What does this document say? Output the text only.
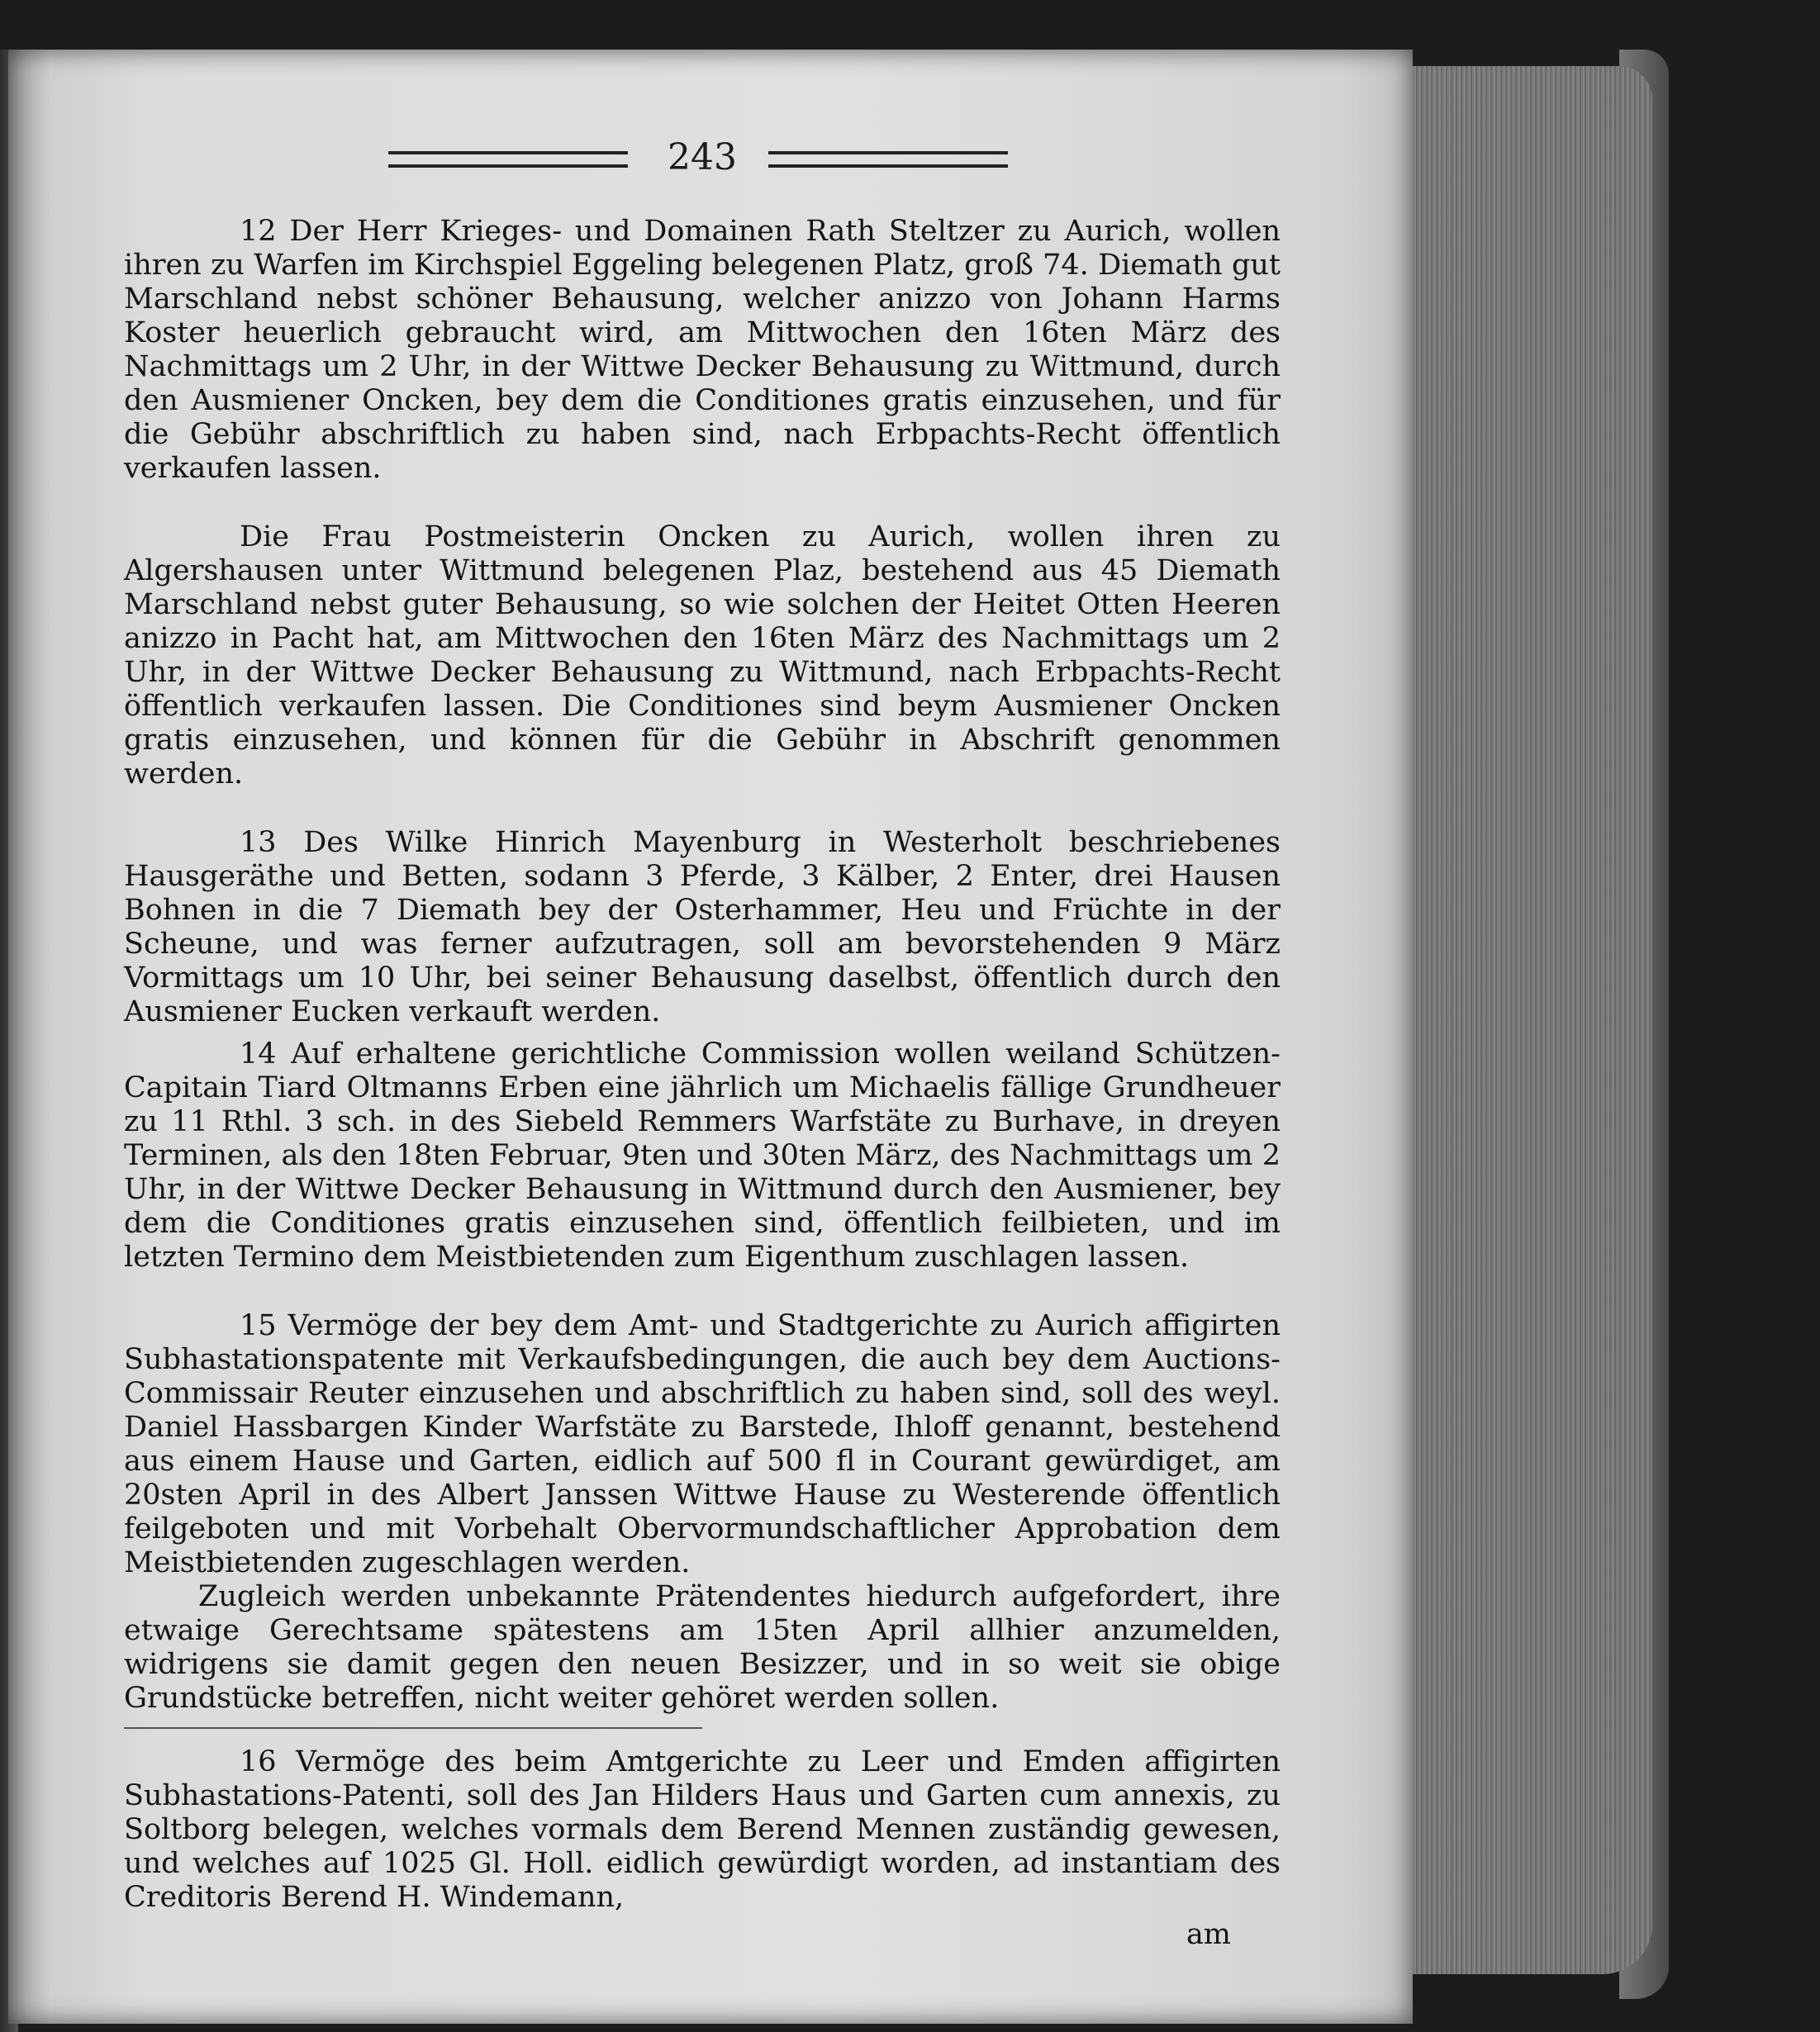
243

12 Der Herr Krieges- und Domainen Rath Steltzer zu Aurich, wollen ihren zu Warfen im Kirchspiel Eggeling belegenen Platz, groß 74. Diemath gut Marschland nebst schöner Behausung, welcher anizzo von Johann Harms Koster heuerlich gebraucht wird, am Mittwochen den 16ten März des Nachmittags um 2 Uhr, in der Wittwe Decker Behausung zu Wittmund, durch den Ausmiener Oncken, bey dem die Conditiones gratis einzusehen, und für die Gebühr abschriftlich zu haben sind, nach Erbpachts-Recht öffentlich verkaufen lassen.

Die Frau Postmeisterin Oncken zu Aurich, wollen ihren zu Algershausen unter Wittmund belegenen Plaz, bestehend aus 45 Diemath Marschland nebst guter Behausung, so wie solchen der Heitet Otten Heeren anizzo in Pacht hat, am Mittwochen den 16ten März des Nachmittags um 2 Uhr, in der Wittwe Decker Behausung zu Wittmund, nach Erbpachts-Recht öffentlich verkaufen lassen. Die Conditiones sind beym Ausmiener Oncken gratis einzusehen, und können für die Gebühr in Abschrift genommen werden.

13 Des Wilke Hinrich Mayenburg in Westerholt beschriebenes Hausgeräthe und Betten, sodann 3 Pferde, 3 Kälber, 2 Enter, drei Hausen Bohnen in die 7 Diemath bey der Osterhammer, Heu und Früchte in der Scheune, und was ferner aufzutragen, soll am bevorstehenden 9 März Vormittags um 10 Uhr, bei seiner Behausung daselbst, öffentlich durch den Ausmiener Eucken verkauft werden.

14 Auf erhaltene gerichtliche Commission wollen weiland Schützen-Capitain Tiard Oltmanns Erben eine jährlich um Michaelis fällige Grundheuer zu 11 Rthl. 3 sch. in des Siebeld Remmers Warfstäte zu Burhave, in dreyen Terminen, als den 18ten Februar, 9ten und 30ten März, des Nachmittags um 2 Uhr, in der Wittwe Decker Behausung in Wittmund durch den Ausmiener, bey dem die Conditiones gratis einzusehen sind, öffentlich feilbieten, und im letzten Termino dem Meistbietenden zum Eigenthum zuschlagen lassen.

15 Vermöge der bey dem Amt- und Stadtgerichte zu Aurich affigirten Subhastationspatente mit Verkaufsbedingungen, die auch bey dem Auctions-Commissair Reuter einzusehen und abschriftlich zu haben sind, soll des weyl. Daniel Hassbargen Kinder Warfstäte zu Barstede, Ihloff genannt, bestehend aus einem Hause und Garten, eidlich auf 500 fl in Courant gewürdiget, am 20sten April in des Albert Janssen Wittwe Hause zu Westerende öffentlich feilgeboten und mit Vorbehalt Obervormundschaftlicher Approbation dem Meistbietenden zugeschlagen werden.

Zugleich werden unbekannte Prätendentes hiedurch aufgefordert, ihre etwaige Gerechtsame spätestens am 15ten April allhier anzumelden, widrigens sie damit gegen den neuen Besizzer, und in so weit sie obige Grundstücke betreffen, nicht weiter gehöret werden sollen.

16 Vermöge des beim Amtgerichte zu Leer und Emden affigirten Subhastations-Patenti, soll des Jan Hilders Haus und Garten cum annexis, zu Soltborg belegen, welches vormals dem Berend Mennen zuständig gewesen, und welches auf 1025 Gl. Holl. eidlich gewürdigt worden, ad instantiam des Creditoris Berend H. Windemann,

am
